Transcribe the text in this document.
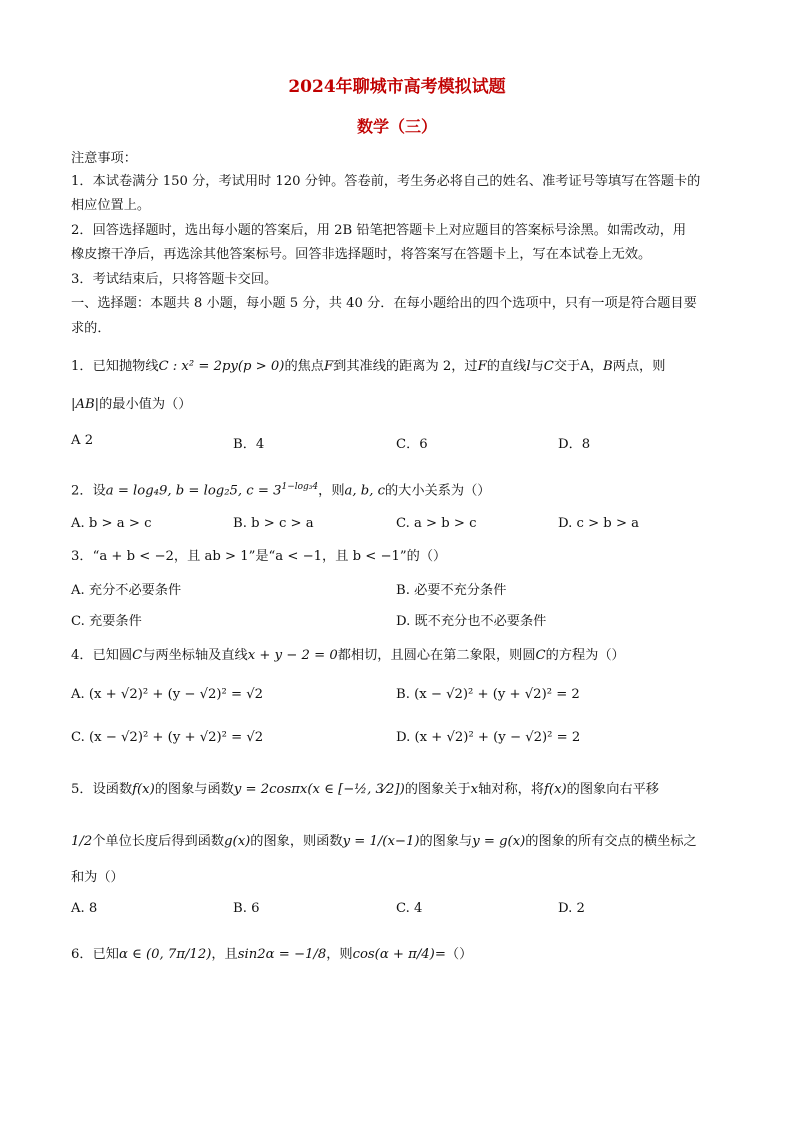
2024年聊城市高考模拟试题
数学（三）
注意事项：
1．本试卷满分 150 分，考试用时 120 分钟。答卷前，考生务必将自己的姓名、准考证号等填写在答题卡的
相应位置上。
2．回答选择题时，选出每小题的答案后，用 2B 铅笔把答题卡上对应题目的答案标号涂黑。如需改动，用
橡皮擦干净后，再选涂其他答案标号。回答非选择题时，将答案写在答题卡上，写在本试卷上无效。
3．考试结束后，只将答题卡交回。
一、选择题：本题共 8 小题，每小题 5 分，共 40 分．在每小题给出的四个选项中，只有一项是符合题目要
求的．
1．已知抛物线C : x² = 2py(p > 0)的焦点F到其准线的距离为 2，过F的直线l与C交于A，B两点，则
|AB|的最小值为（）
A 2	B．4	C．6	D．8
2．设a = log₄9, b = log₂5, $c = 3^{1-log_34}$，则a, b, c的大小关系为（）
A. b > a > c	B. b > c > a	C. a > b > c	D. c > b > a
3．“a + b < −2，且 ab > 1”是“a < −1，且 b < −1”的（）
A. 充分不必要条件	B. 必要不充分条件
C. 充要条件	D. 既不充分也不必要条件
4．已知圆C与两坐标轴及直线x + y − 2 = 0都相切，且圆心在第二象限，则圆C的方程为（）
A. (x + √2)² + (y − √2)² = √2	B. (x − √2)² + (y + √2)² = 2
C. (x − √2)² + (y + √2)² = √2	D. (x + √2)² + (y − √2)² = 2
5．设函数f(x)的图象与函数y = 2cosπx(x ∈ [−½, 3⁄2])的图象关于x轴对称，将f(x)的图象向右平移
1/2个单位长度后得到函数g(x)的图象，则函数y = 1/(x−1)的图象与y = g(x)的图象的所有交点的横坐标之
和为（）
A. 8	B. 6	C. 4	D. 2
6．已知α ∈ (0, 7π/12)，且sin2α = −1/8，则cos(α + π/4)=（）
